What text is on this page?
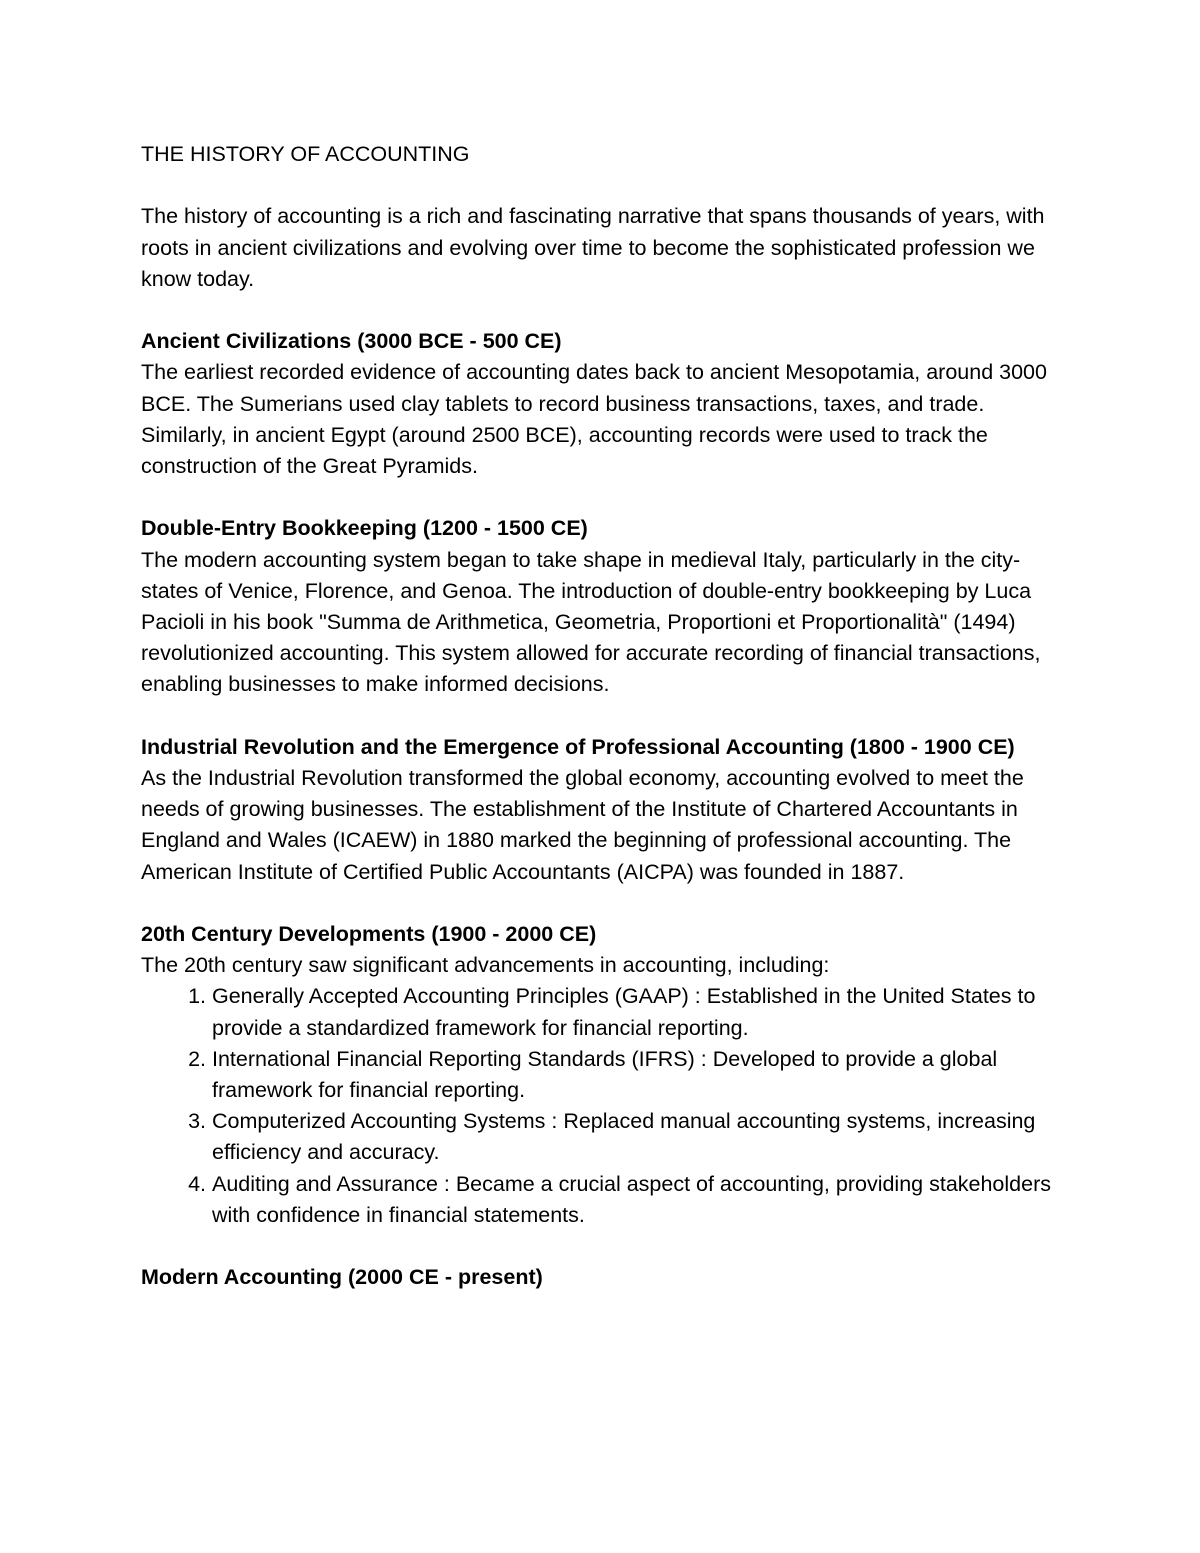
THE HISTORY OF ACCOUNTING

The history of accounting is a rich and fascinating narrative that spans thousands of years, with roots in ancient civilizations and evolving over time to become the sophisticated profession we know today.

Ancient Civilizations (3000 BCE - 500 CE)

The earliest recorded evidence of accounting dates back to ancient Mesopotamia, around 3000 BCE. The Sumerians used clay tablets to record business transactions, taxes, and trade. Similarly, in ancient Egypt (around 2500 BCE), accounting records were used to track the construction of the Great Pyramids.

Double-Entry Bookkeeping (1200 - 1500 CE)

The modern accounting system began to take shape in medieval Italy, particularly in the city-states of Venice, Florence, and Genoa. The introduction of double-entry bookkeeping by Luca Pacioli in his book "Summa de Arithmetica, Geometria, Proportioni et Proportionalità" (1494) revolutionized accounting. This system allowed for accurate recording of financial transactions, enabling businesses to make informed decisions.

Industrial Revolution and the Emergence of Professional Accounting (1800 - 1900 CE)

As the Industrial Revolution transformed the global economy, accounting evolved to meet the needs of growing businesses. The establishment of the Institute of Chartered Accountants in England and Wales (ICAEW) in 1880 marked the beginning of professional accounting. The American Institute of Certified Public Accountants (AICPA) was founded in 1887.

20th Century Developments (1900 - 2000 CE)

The 20th century saw significant advancements in accounting, including:

1. Generally Accepted Accounting Principles (GAAP) : Established in the United States to provide a standardized framework for financial reporting.
2. International Financial Reporting Standards (IFRS) : Developed to provide a global framework for financial reporting.
3. Computerized Accounting Systems : Replaced manual accounting systems, increasing efficiency and accuracy.
4. Auditing and Assurance : Became a crucial aspect of accounting, providing stakeholders with confidence in financial statements.

Modern Accounting (2000 CE - present)
